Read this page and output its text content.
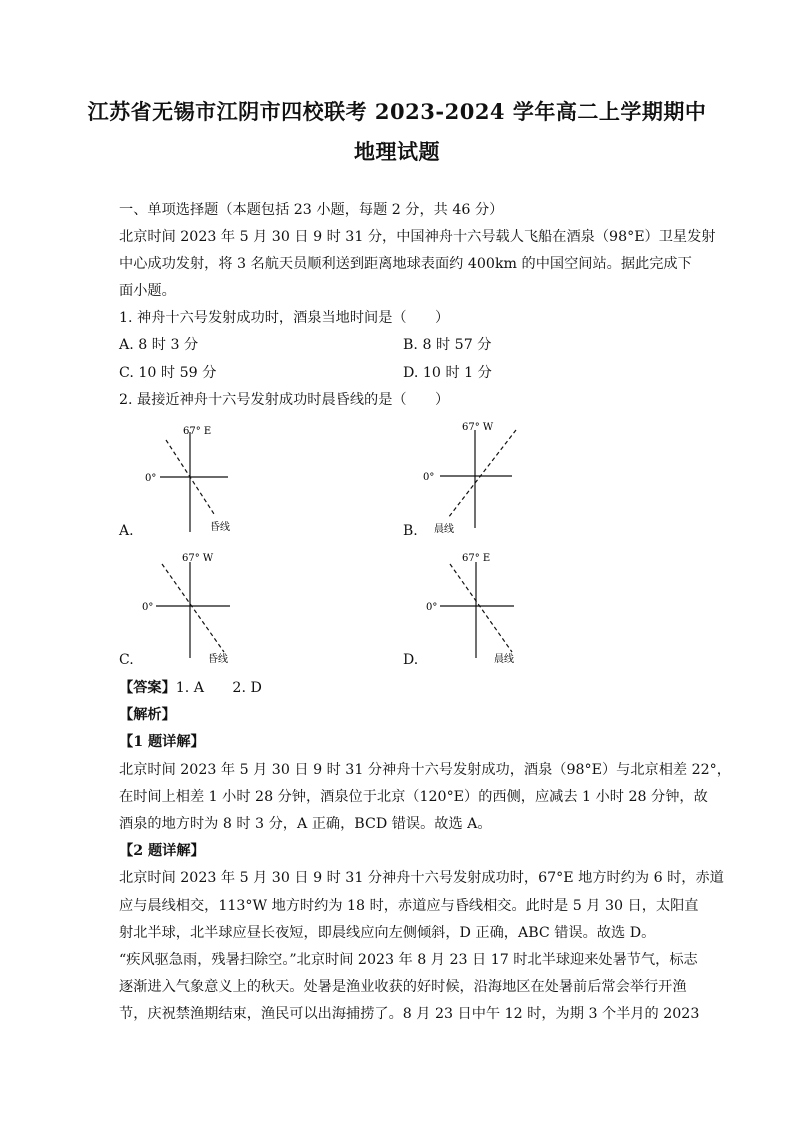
江苏省无锡市江阴市四校联考 2023-2024 学年高二上学期期中
地理试题
一、单项选择题（本题包括 23 小题，每题 2 分，共 46 分）
北京时间 2023 年 5 月 30 日 9 时 31 分，中国神舟十六号载人飞船在酒泉（98°E）卫星发射
中心成功发射，将 3 名航天员顺利送到距离地球表面约 400km 的中国空间站。据此完成下
面小题。
1. 神舟十六号发射成功时，酒泉当地时间是（　　）
A. 8 时 3 分	B. 8 时 57 分
C. 10 时 59 分	D. 10 时 1 分
2. 最接近神舟十六号发射成功时晨昏线的是（　　）
A.
67° E
0°
昏线	B.
67° W
0°
晨线
C.
67° W
0°
昏线	D.
67° E
0°
晨线
【答案】1. A　　2. D
【解析】
【1 题详解】
北京时间 2023 年 5 月 30 日 9 时 31 分神舟十六号发射成功，酒泉（98°E）与北京相差 22°，
在时间上相差 1 小时 28 分钟，酒泉位于北京（120°E）的西侧，应减去 1 小时 28 分钟，故
酒泉的地方时为 8 时 3 分，A 正确，BCD 错误。故选 A。
【2 题详解】
北京时间 2023 年 5 月 30 日 9 时 31 分神舟十六号发射成功时，67°E 地方时约为 6 时，赤道
应与晨线相交，113°W 地方时约为 18 时，赤道应与昏线相交。此时是 5 月 30 日，太阳直
射北半球，北半球应昼长夜短，即晨线应向左侧倾斜，D 正确，ABC 错误。故选 D。
“疾风驱急雨，残暑扫除空。”北京时间 2023 年 8 月 23 日 17 时北半球迎来处暑节气，标志
逐渐进入气象意义上的秋天。处暑是渔业收获的好时候，沿海地区在处暑前后常会举行开渔
节，庆祝禁渔期结束，渔民可以出海捕捞了。8 月 23 日中午 12 时，为期 3 个半月的 2023
